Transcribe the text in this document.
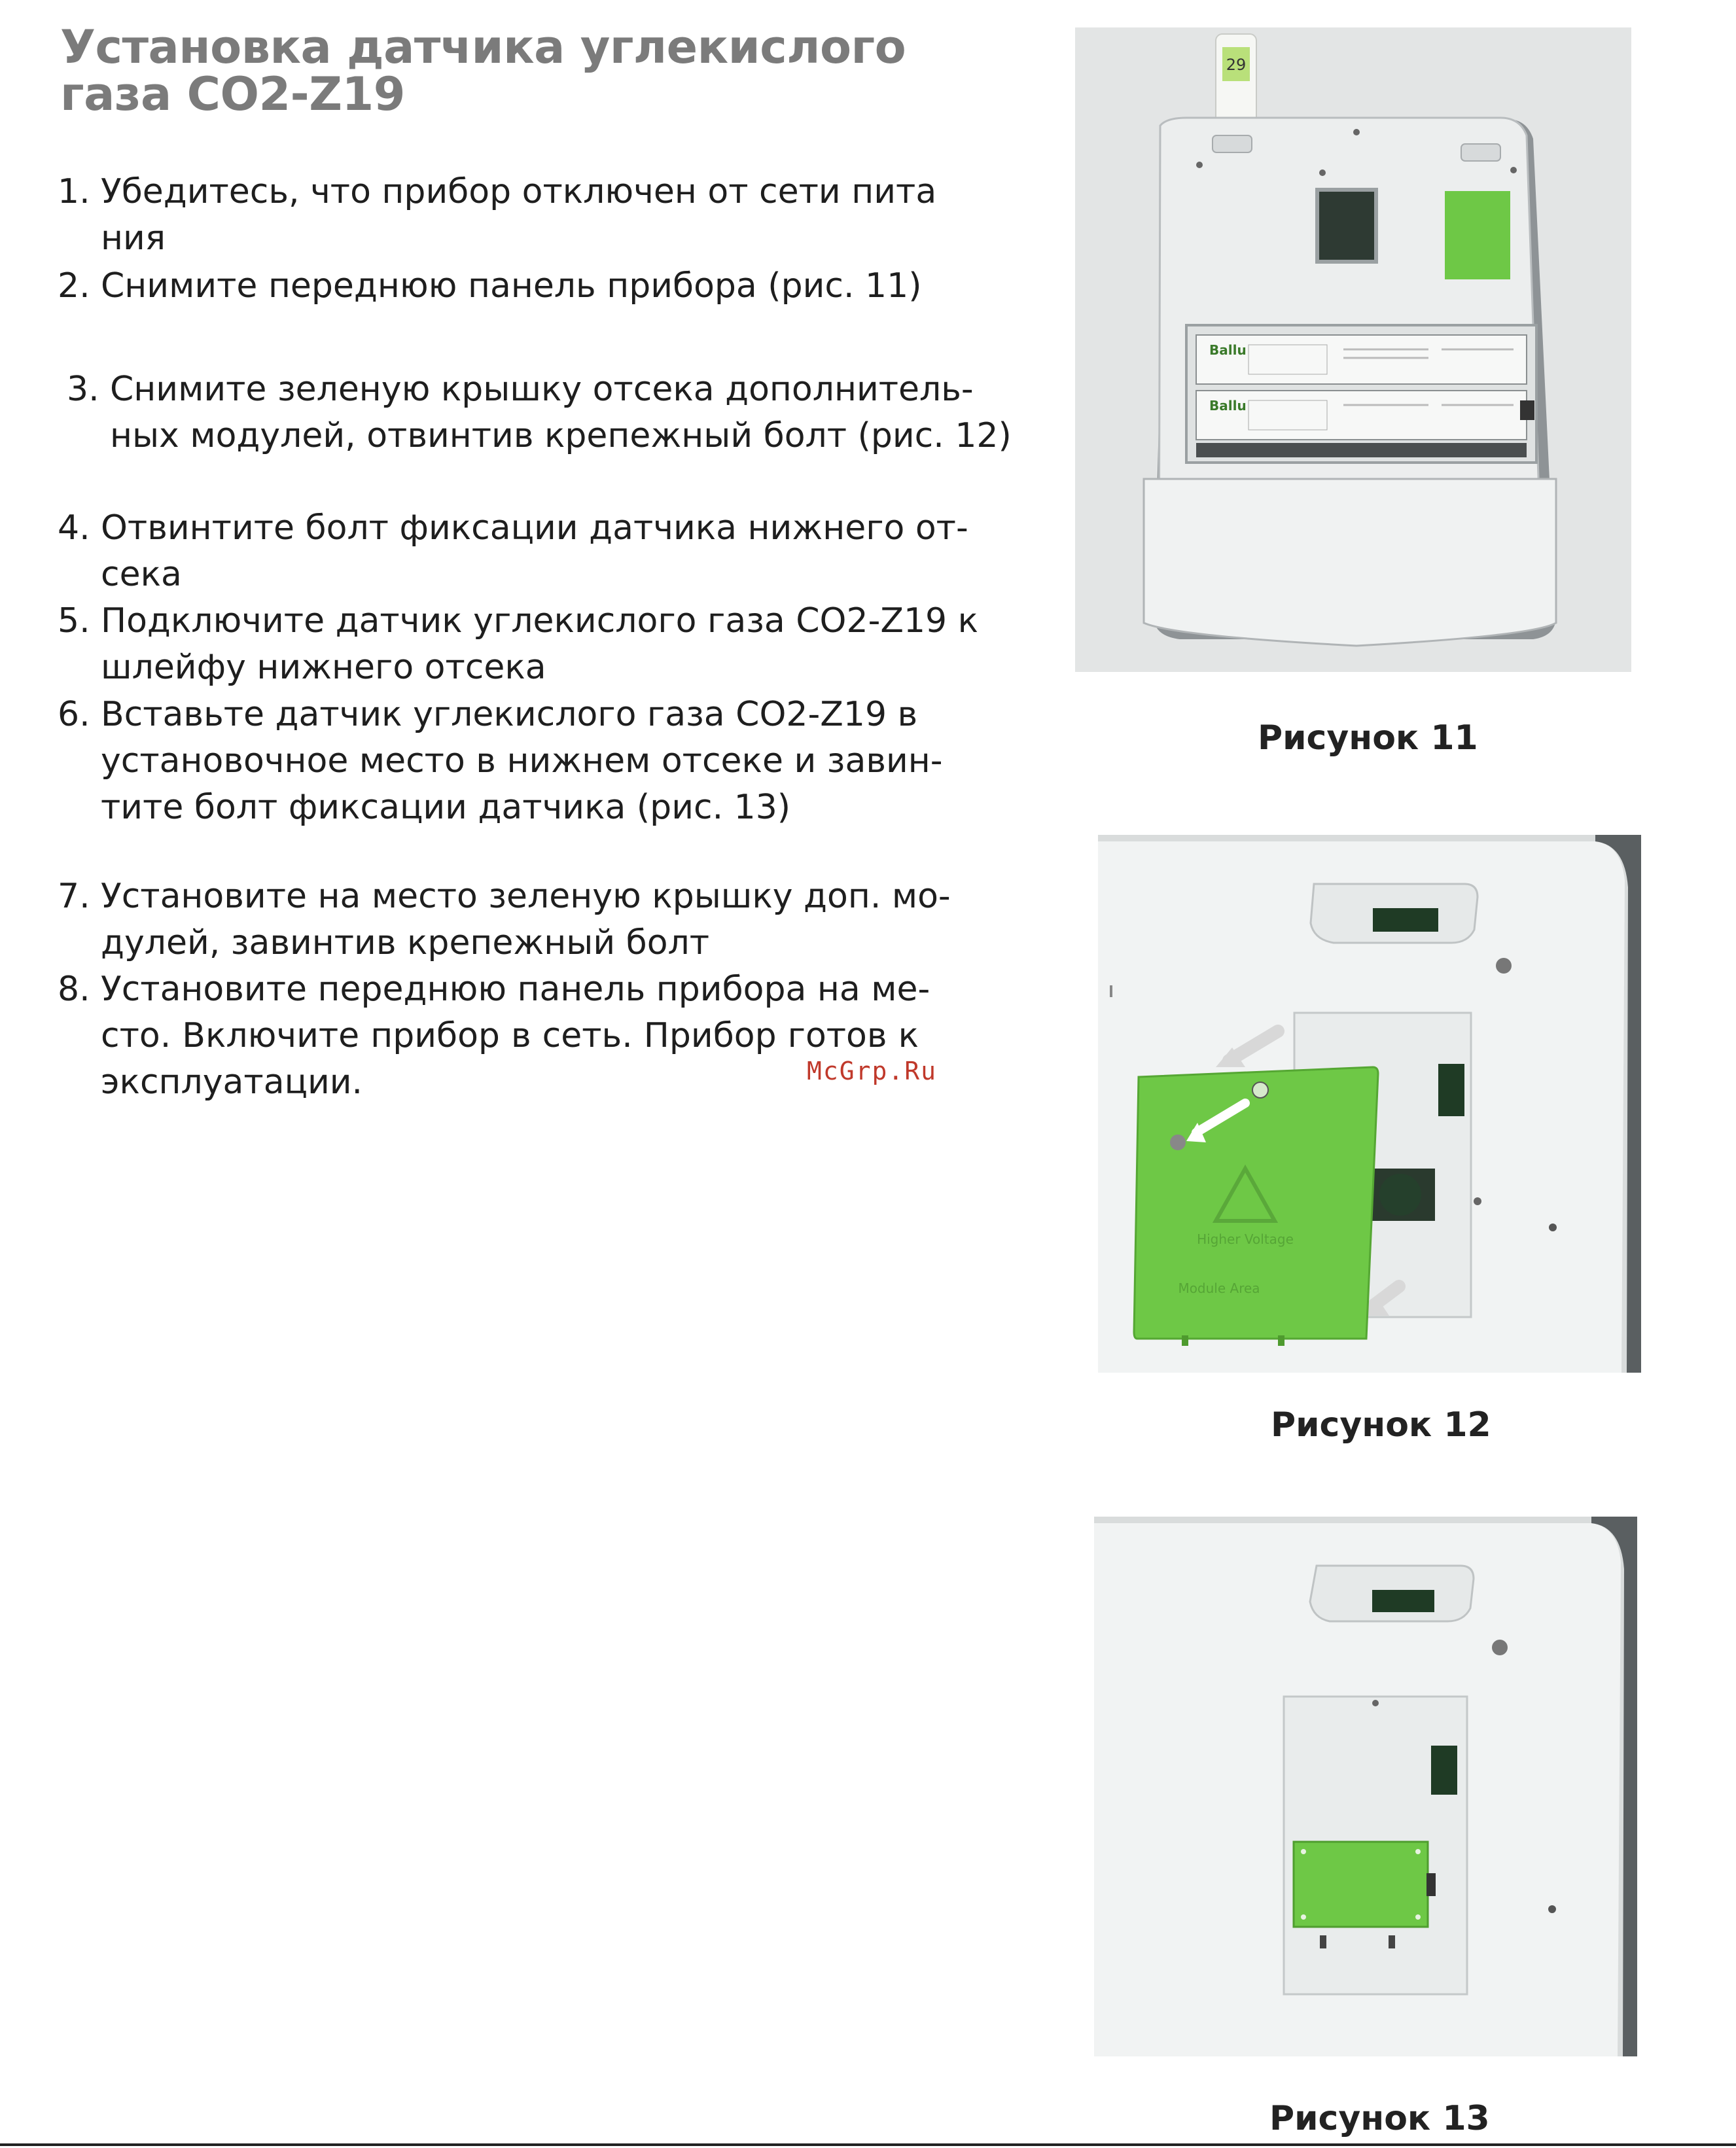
Установка датчика углекислого
газа CO2-Z19
1. Убедитесь, что прибор отключен от сети пита
ния
2. Снимите переднюю панель прибора (рис. 11)
3. Снимите зеленую крышку отсека дополнитель-
ных модулей, отвинтив крепежный болт (рис. 12)
4. Отвинтите болт фиксации датчика нижнего от-
сека
5. Подключите датчик углекислого газа CO2-Z19 к
шлейфу нижнего отсека
6. Вставьте датчик углекислого газа CO2-Z19 в
установочное место в нижнем отсеке и завин-
тите болт фиксации датчика (рис. 13)
7. Установите на место зеленую крышку доп. мо-
дулей, завинтив крепежный болт
8. Установите переднюю панель прибора на ме-
сто. Включите прибор в сеть. Прибор готов к
эксплуатации.	McGrp.Ru
29
Ballu
Ballu
Рисунок 11
Higher Voltage
Module Area
Рисунок 12
Рисунок 13
